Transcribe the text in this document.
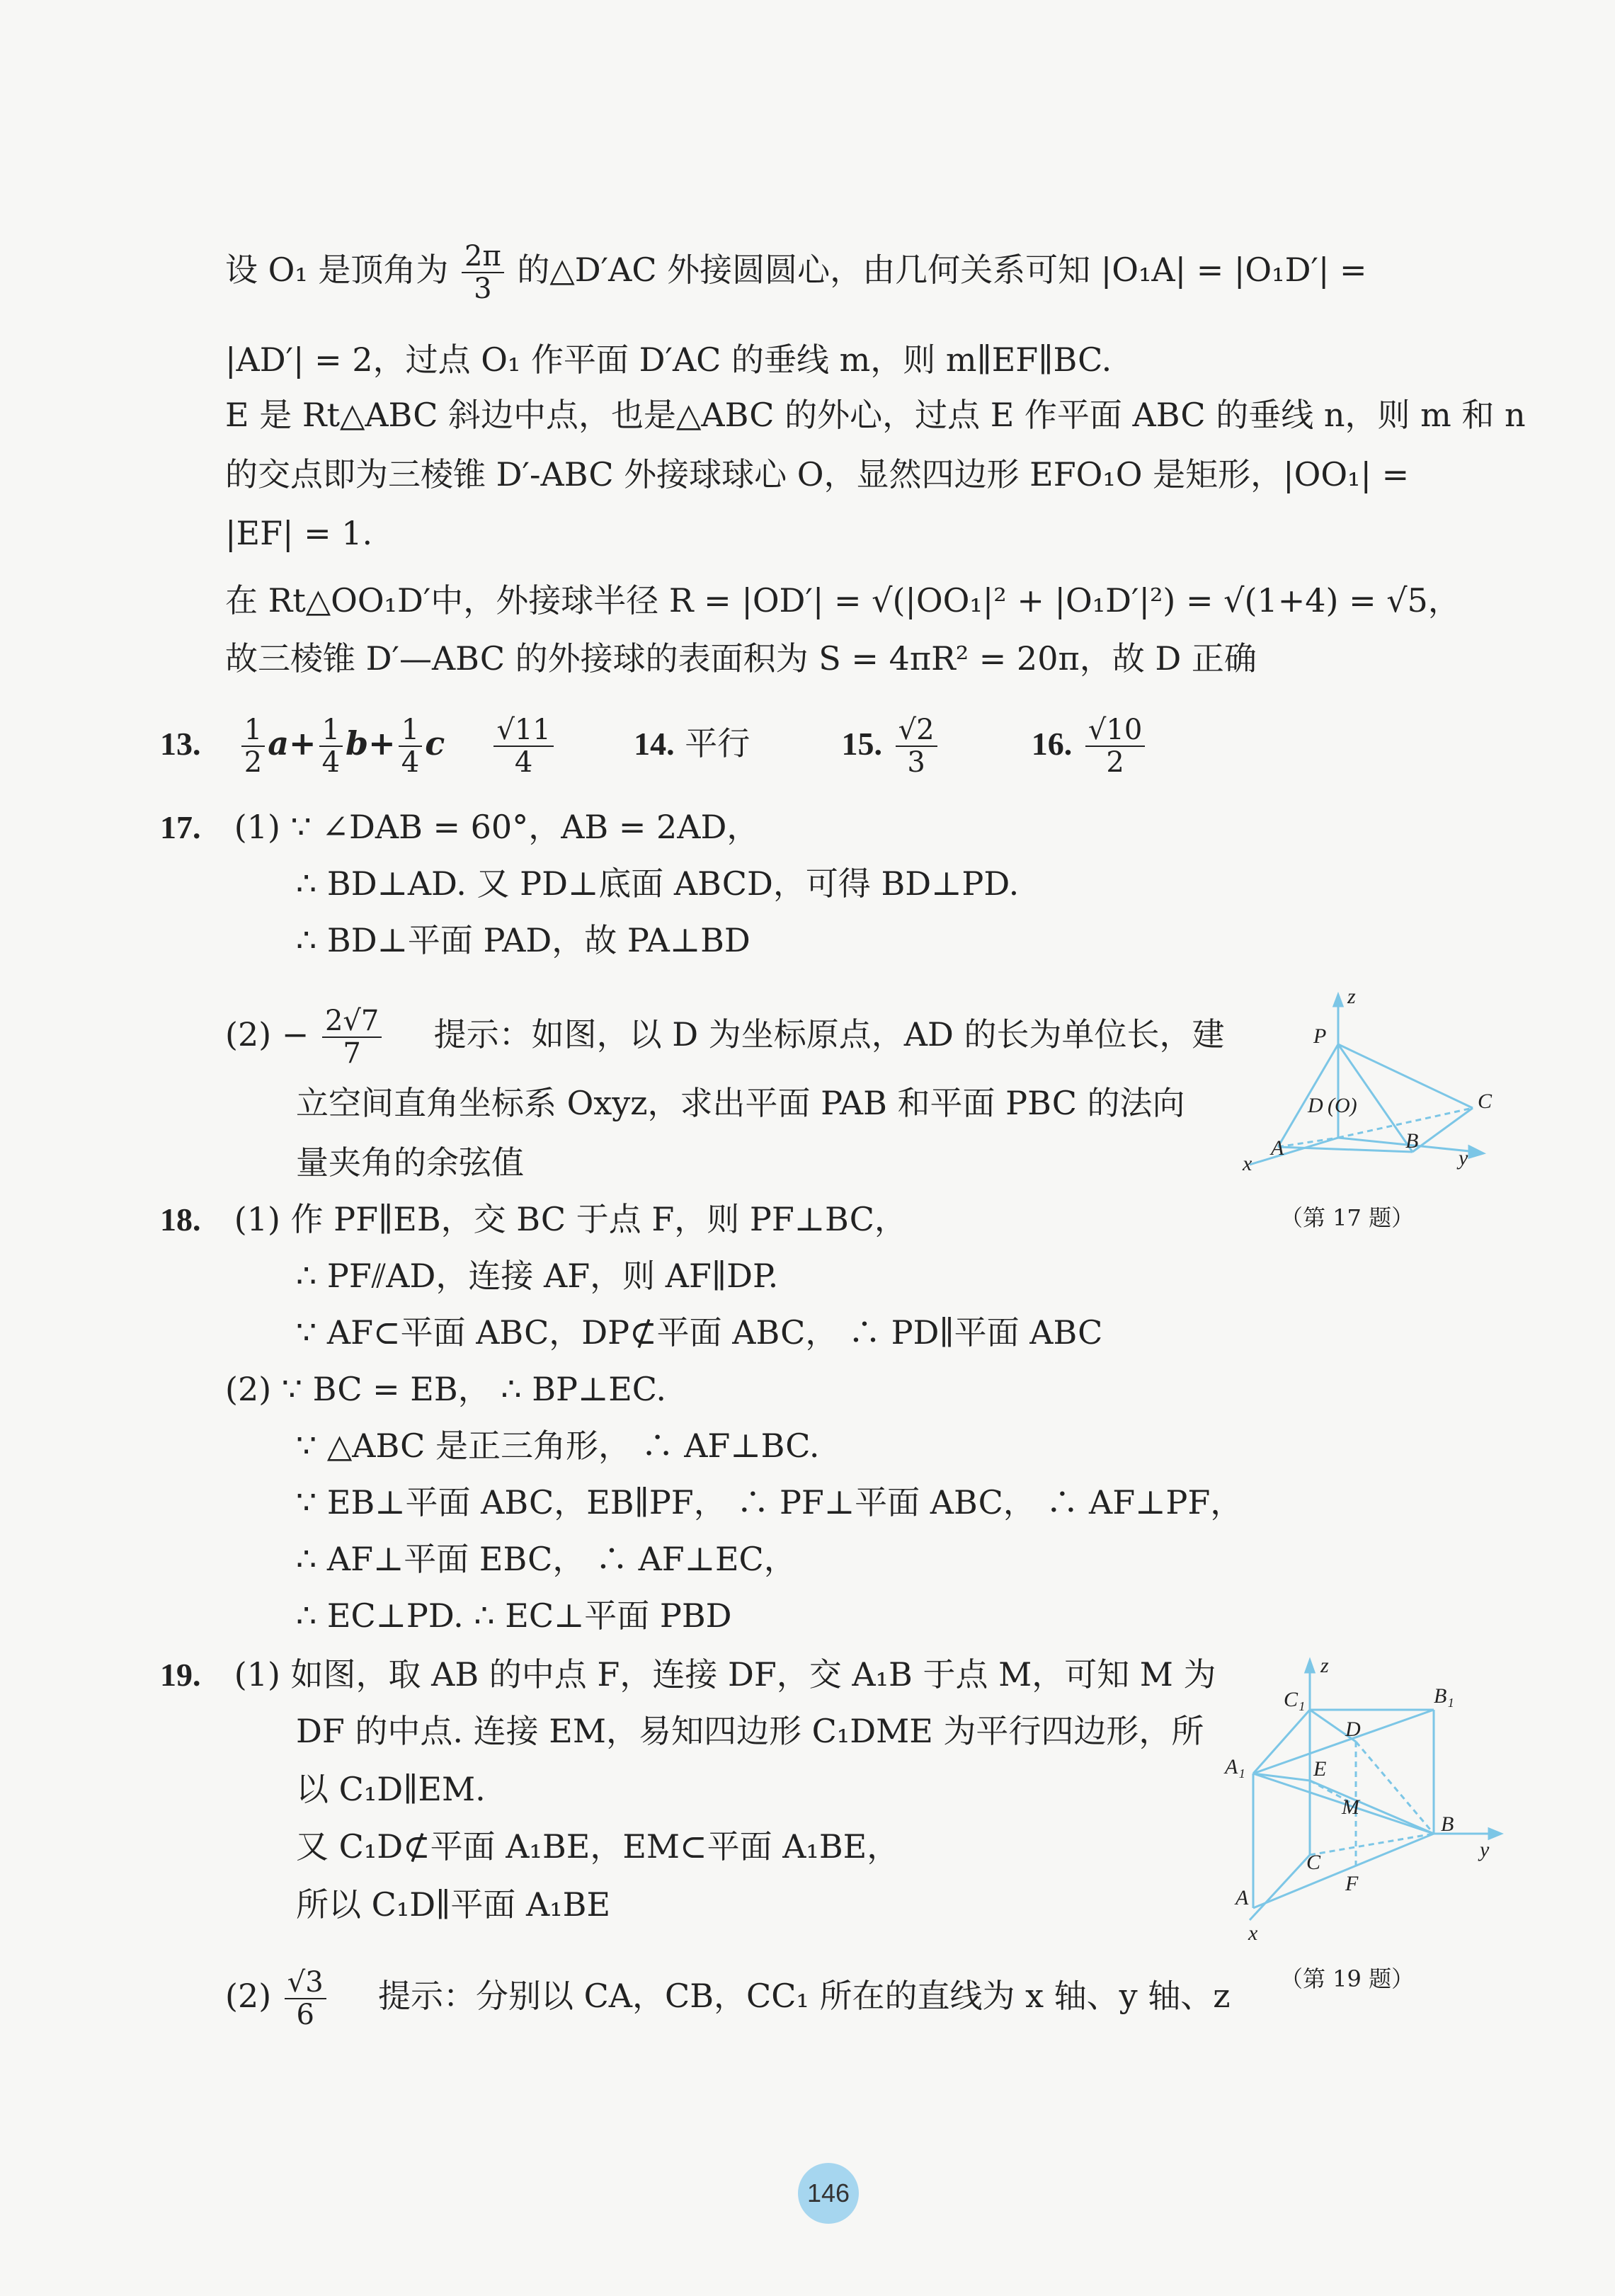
设 O₁ 是顶角为 $\frac{2\pi}{3}$ 的△D′AC 外接圆圆心，由几何关系可知 |O₁A| = |O₁D′| =
|AD′| = 2，过点 O₁ 作平面 D′AC 的垂线 m，则 m∥EF∥BC.
E 是 Rt△ABC 斜边中点，也是△ABC 的外心，过点 E 作平面 ABC 的垂线 n，则 m 和 n
的交点即为三棱锥 D′-ABC 外接球球心 O，显然四边形 EFO₁O 是矩形，|OO₁| =
|EF| = 1.
在 Rt△OO₁D′中，外接球半径 R = |OD′| = √(|OO₁|² + |O₁D′|²) = √(1+4) = √5，
故三棱锥 D′—ABC 的外接球的表面积为 S = 4πR² = 20π，故 D 正确
13. $\frac{1}{2} a+ \frac{1}{4} b+ \frac{1}{4}$ c $\frac{√11}{4} 14$. 平行	15. $\frac{√2}{3}$	16. $\frac{√10}{2}$
17. (1) ∵ ∠DAB = 60°，AB = 2AD，
∴ BD⊥AD. 又 PD⊥底面 ABCD，可得 BD⊥PD.
∴ BD⊥平面 PAD，故 PA⊥BD
$(2) - \frac{2√7}{7}$ 提示：如图，以 D 为坐标原点，AD 的长为单位长，建
立空间直角坐标系 Oxyz，求出平面 PAB 和平面 PBC 的法向
量夹角的余弦值
z
P
D (O)	C
A	B
x	y
（第 17 题）
18. (1) 作 PF∥EB，交 BC 于点 F，则 PF⊥BC，
∴ PF⫽AD，连接 AF，则 AF∥DP.
∵ AF⊂平面 ABC，DP⊄平面 ABC， ∴ PD∥平面 ABC
(2) ∵ BC = EB， ∴ BP⊥EC.
∵ △ABC 是正三角形， ∴ AF⊥BC.
∵ EB⊥平面 ABC，EB∥PF， ∴ PF⊥平面 ABC， ∴ AF⊥PF，
∴ AF⊥平面 EBC， ∴ AF⊥EC，
∴ EC⊥PD. ∴ EC⊥平面 PBD
19. (1) 如图，取 AB 的中点 F，连接 DF，交 A₁B 于点 M，可知 M 为
DF 的中点. 连接 EM，易知四边形 C₁DME 为平行四边形，所
以 C₁D∥EM.
又 C₁D⊄平面 A₁BE，EM⊂平面 A₁BE，
所以 C₁D∥平面 A₁BE
$(2) \frac{√3}{6}$ 提示：分别以 CA，CB，CC₁ 所在的直线为 x 轴、y 轴、z
z
C₁	B₁
D
A₁	E
M
B
y
C
F
A
x
（第 19 题）
146
